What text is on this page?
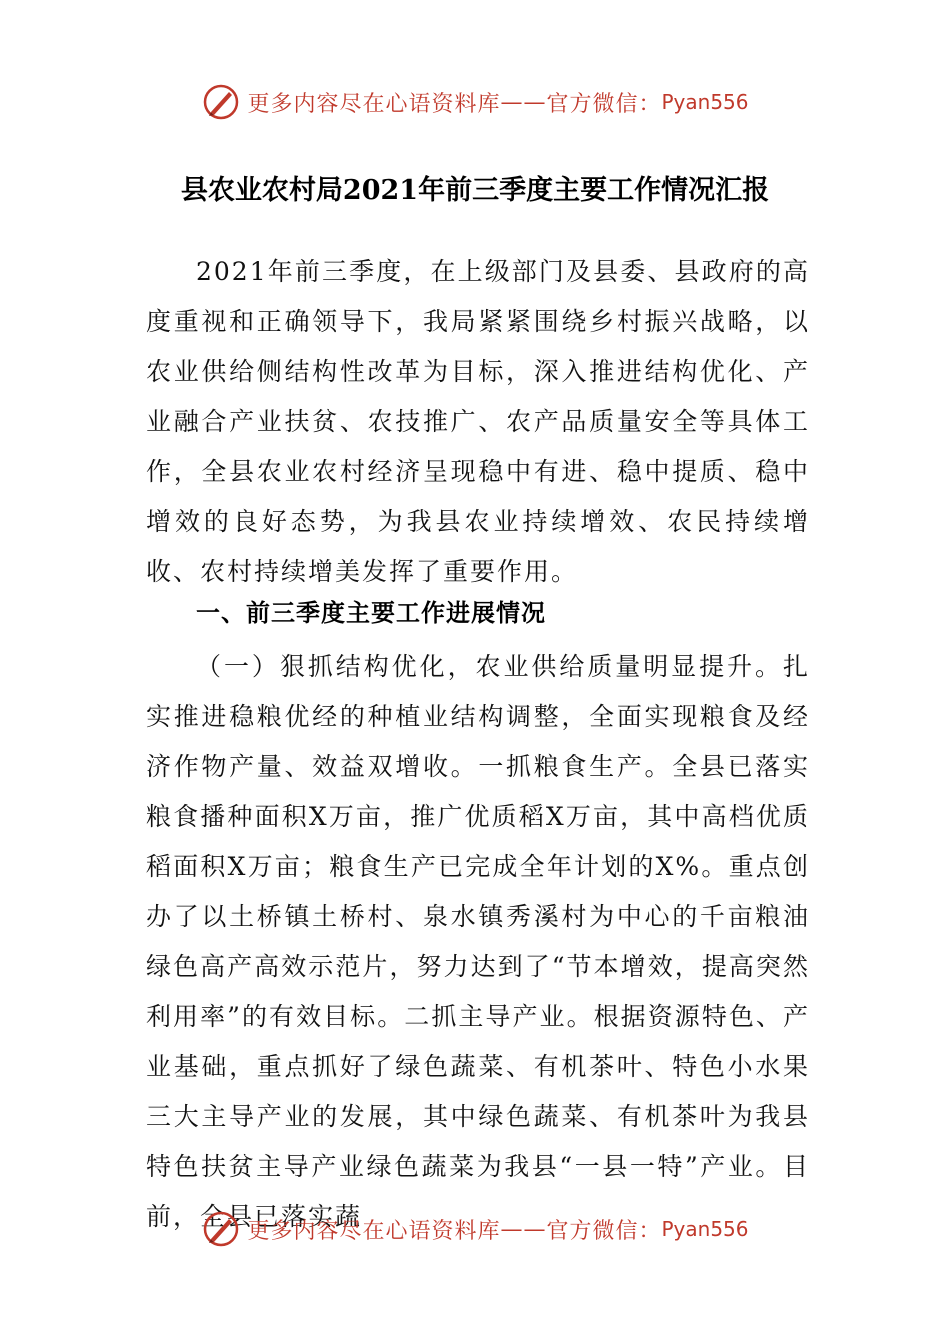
更多内容尽在心语资料库 —— 官方微信： Pyan556
县农业农村局2021年前三季度主要工作情况汇报

2021年前三季度，在上级部门及县委、县政府的高度重视和正确领导下，我局紧紧围绕乡村振兴战略，以农业供给侧结构性改革为目标，深入推进结构优化、产业融合产业扶贫、农技推广、农产品质量安全等具体工作，全县农业农村经济呈现稳中有进、稳中提质、稳中增效的良好态势，为我县农业持续增效、农民持续增收、农村持续增美发挥了重要作用。

一、前三季度主要工作进展情况

（一）狠抓结构优化，农业供给质量明显提升。扎实推进稳粮优经的种植业结构调整，全面实现粮食及经济作物产量、效益双增收。一抓粮食生产。全县已落实粮食播种面积X万亩，推广优质稻X万亩，其中高档优质稻面积X万亩；粮食生产已完成全年计划的X%。重点创办了以土桥镇土桥村、泉水镇秀溪村为中心的千亩粮油绿色高产高效示范片，努力达到了“节本增效，提高突然利用率”的有效目标。二抓主导产业。根据资源特色、产业基础，重点抓好了绿色蔬菜、有机茶叶、特色小水果三大主导产业的发展，其中绿色蔬菜、有机茶叶为我县特色扶贫主导产业绿色蔬菜为我县“一县一特”产业。目前，全县已落实蔬

更多内容尽在心语资料库 —— 官方微信： Pyan556
